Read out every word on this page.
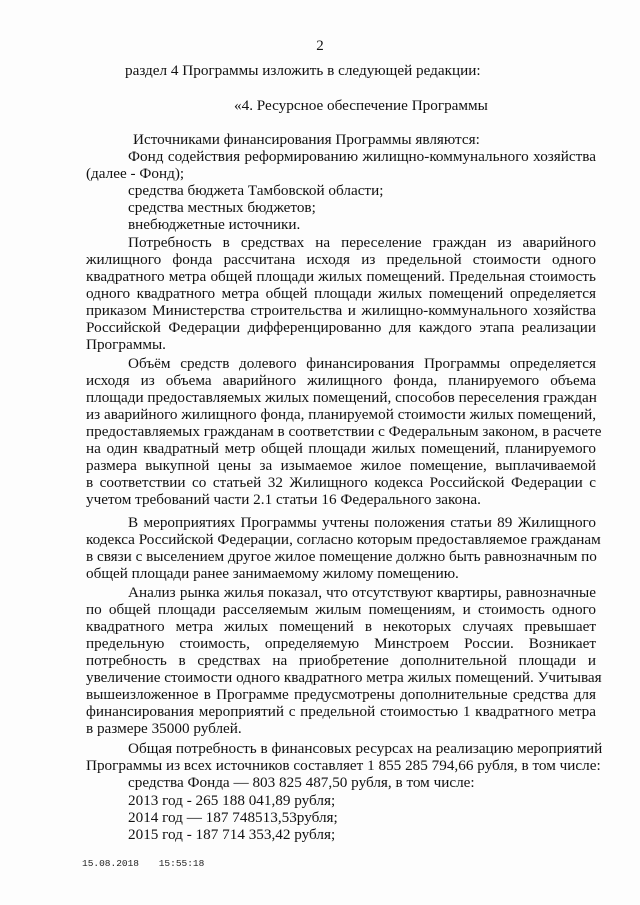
2
раздел 4 Программы изложить в следующей редакции:
«4. Ресурсное обеспечение Программы
Источниками финансирования Программы являются:
Фонд содействия реформированию жилищно-коммунального хозяйства
(далее - Фонд);
средства бюджета Тамбовской области;
средства местных бюджетов;
внебюджетные источники.
Потребность в средствах на переселение граждан из аварийного
жилищного фонда рассчитана исходя из предельной стоимости одного
квадратного метра общей площади жилых помещений. Предельная стоимость
одного квадратного метра общей площади жилых помещений определяется
приказом Министерства строительства и жилищно-коммунального хозяйства
Российской Федерации дифференцированно для каждого этапа реализации
Программы.
Объём средств долевого финансирования Программы определяется
исходя из объема аварийного жилищного фонда, планируемого объема
площади предоставляемых жилых помещений, способов переселения граждан
из аварийного жилищного фонда, планируемой стоимости жилых помещений,
предоставляемых гражданам в соответствии с Федеральным законом, в расчете
на один квадратный метр общей площади жилых помещений, планируемого
размера выкупной цены за изымаемое жилое помещение, выплачиваемой
в соответствии со статьей 32 Жилищного кодекса Российской Федерации с
учетом требований части 2.1 статьи 16 Федерального закона.
В мероприятиях Программы учтены положения статьи 89 Жилищного
кодекса Российской Федерации, согласно которым предоставляемое гражданам
в связи с выселением другое жилое помещение должно быть равнозначным по
общей площади ранее занимаемому жилому помещению.
Анализ рынка жилья показал, что отсутствуют квартиры, равнозначные
по общей площади расселяемым жилым помещениям, и стоимость одного
квадратного метра жилых помещений в некоторых случаях превышает
предельную стоимость, определяемую Минстроем России. Возникает
потребность в средствах на приобретение дополнительной площади и
увеличение стоимости одного квадратного метра жилых помещений. Учитывая
вышеизложенное в Программе предусмотрены дополнительные средства для
финансирования мероприятий с предельной стоимостью 1 квадратного метра
в размере 35000 рублей.
Общая потребность в финансовых ресурсах на реализацию мероприятий
Программы из всех источников составляет 1 855 285 794,66 рубля, в том числе:
средства Фонда — 803 825 487,50 рубля, в том числе:
2013 год - 265 188 041,89 рубля;
2014 год — 187 748513,53рубля;
2015 год - 187 714 353,42 рубля;
15.08.2018 15:55:18
